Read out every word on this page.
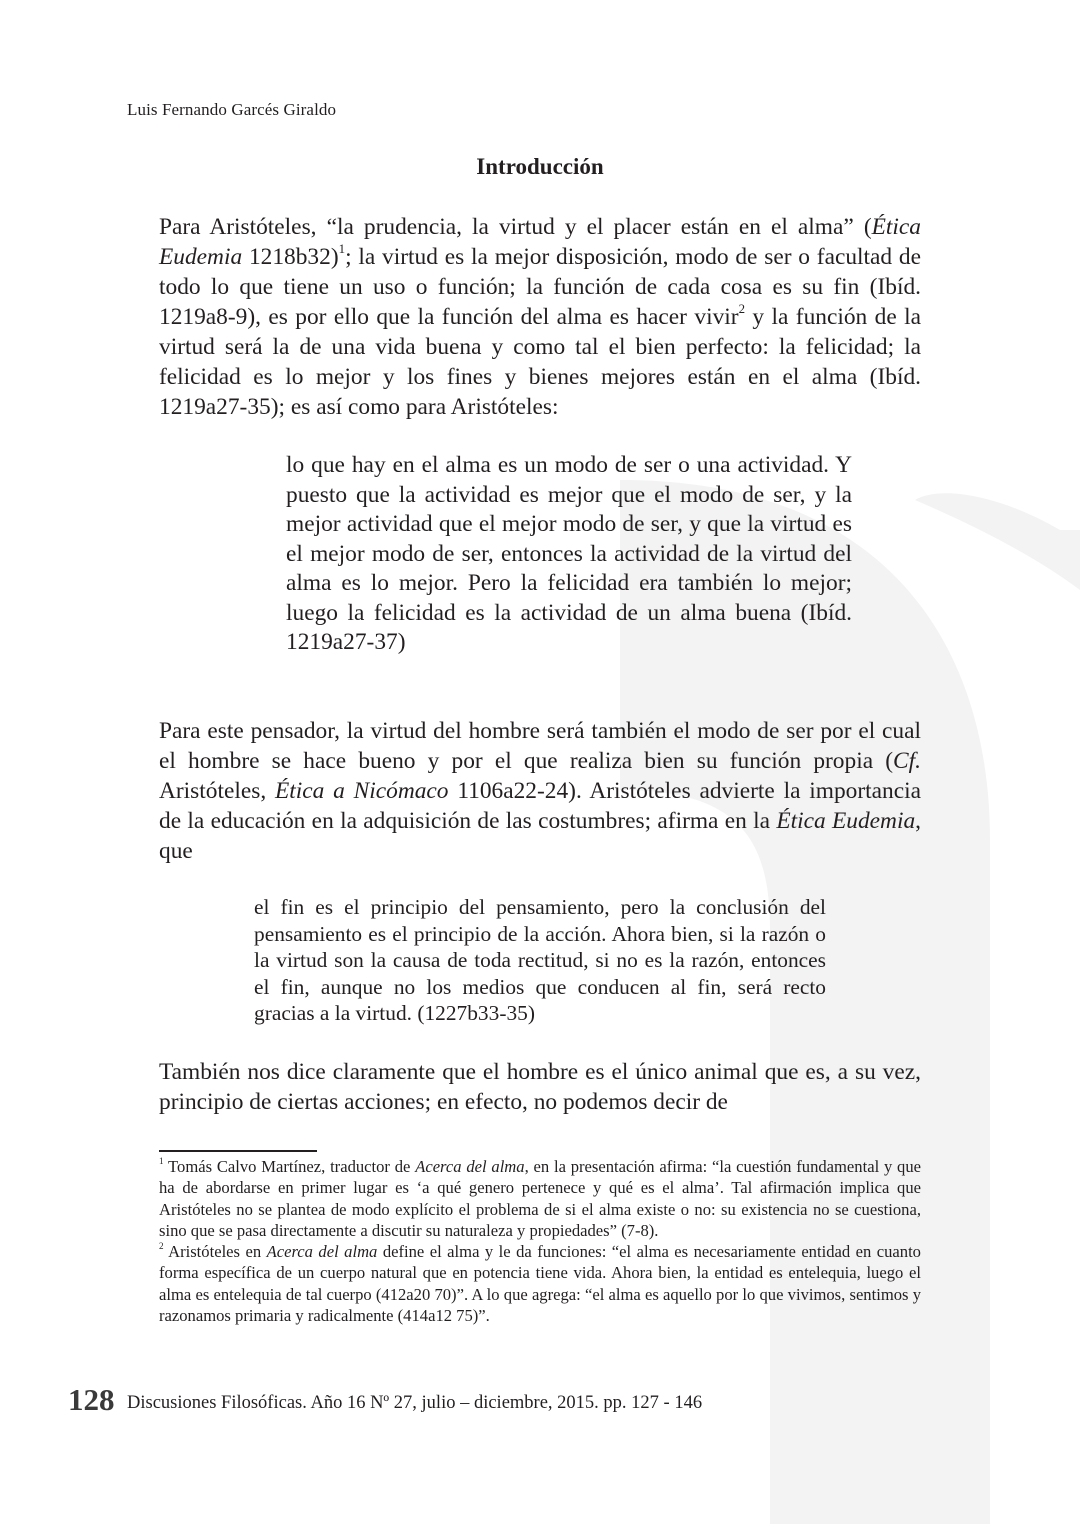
Luis Fernando Garcés Giraldo
Introducción

Para Aristóteles, “la prudencia, la virtud y el placer están en el alma” (Ética Eudemia 1218b32)$^1$; la virtud es la mejor disposición, modo de ser o facultad de todo lo que tiene un uso o función; la función de cada cosa es su fin (Ibíd. 1219a8-9), es por ello que la función del alma es hacer vivir$^2$ y la función de la virtud será la de una vida buena y como tal el bien perfecto: la felicidad; la felicidad es lo mejor y los fines y bienes mejores están en el alma (Ibíd. 1219a27-35); es así como para Aristóteles:

lo que hay en el alma es un modo de ser o una actividad. Y puesto que la actividad es mejor que el modo de ser, y la mejor actividad que el mejor modo de ser, y que la virtud es el mejor modo de ser, entonces la actividad de la virtud del alma es lo mejor. Pero la felicidad era también lo mejor; luego la felicidad es la actividad de un alma buena (Ibíd. 1219a27-37)

Para este pensador, la virtud del hombre será también el modo de ser por el cual el hombre se hace bueno y por el que realiza bien su función propia (Cf. Aristóteles, Ética a Nicómaco 1106a22-24). Aristóteles advierte la importancia de la educación en la adquisición de las costumbres; afirma en la Ética Eudemia, que

el fin es el principio del pensamiento, pero la conclusión del pensamiento es el principio de la acción. Ahora bien, si la razón o la virtud son la causa de toda rectitud, si no es la razón, entonces el fin, aunque no los medios que conducen al fin, será recto gracias a la virtud. (1227b33-35)

También nos dice claramente que el hombre es el único animal que es, a su vez, principio de ciertas acciones; en efecto, no podemos decir de

$^1$ Tomás Calvo Martínez, traductor de Acerca del alma, en la presentación afirma: “la cuestión fundamental y que ha de abordarse en primer lugar es ‘a qué genero pertenece y qué es el alma’. Tal afirmación implica que Aristóteles no se plantea de modo explícito el problema de si el alma existe o no: su existencia no se cuestiona, sino que se pasa directamente a discutir su naturaleza y propiedades” (7-8).

$^2$ Aristóteles en Acerca del alma define el alma y le da funciones: “el alma es necesariamente entidad en cuanto forma específica de un cuerpo natural que en potencia tiene vida. Ahora bien, la entidad es entelequia, luego el alma es entelequia de tal cuerpo (412a20 70)”. A lo que agrega: “el alma es aquello por lo que vivimos, sentimos y razonamos primaria y radicalmente (414a12 75)”.

128 Discusiones Filosóficas. Año 16 Nº 27, julio – diciembre, 2015. pp. 127 - 146
